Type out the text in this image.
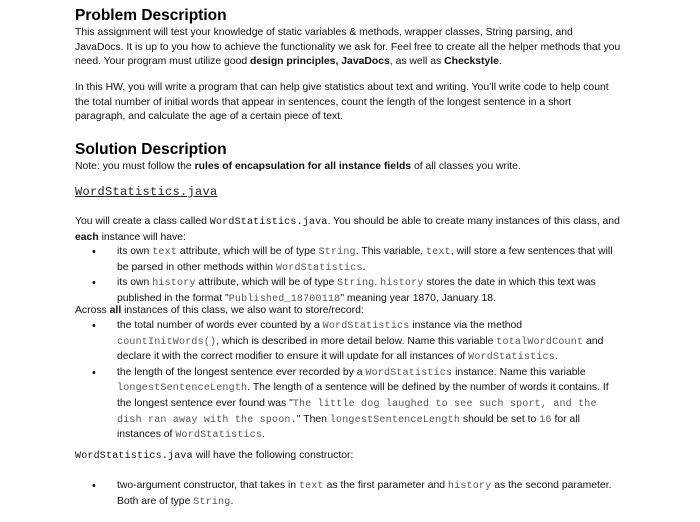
Problem Description

This assignment will test your knowledge of static variables & methods, wrapper classes, String parsing, and JavaDocs. It is up to you how to achieve the functionality we ask for. Feel free to create all the helper methods that you need. Your program must utilize good design principles, JavaDocs, as well as Checkstyle.

In this HW, you will write a program that can help give statistics about text and writing. You’ll write code to help count the total number of initial words that appear in sentences, count the length of the longest sentence in a short paragraph, and calculate the age of a certain piece of text.

Solution Description

Note: you must follow the rules of encapsulation for all instance fields of all classes you write.

WordStatistics.java

You will create a class called WordStatistics.java. You should be able to create many instances of this class, and each instance will have:

• its own text attribute, which will be of type String. This variable, text, will store a few sentences that will be parsed in other methods within WordStatistics.
• its own history attribute, which will be of type String. history stores the date in which this text was published in the format "Published_18700118" meaning year 1870, January 18.

Across all instances of this class, we also want to store/record:

• the total number of words ever counted by a WordStatistics instance via the method countInitWords(), which is described in more detail below. Name this variable totalWordCount and declare it with the correct modifier to ensure it will update for all instances of WordStatistics.
• the length of the longest sentence ever recorded by a WordStatistics instance. Name this variable longestSentenceLength. The length of a sentence will be defined by the number of words it contains. If the longest sentence ever found was "The little dog laughed to see such sport, and the dish ran away with the spoon." Then longestSentenceLength should be set to 16 for all instances of WordStatistics.

WordStatistics.java will have the following constructor:

• two-argument constructor, that takes in text as the first parameter and history as the second parameter. Both are of type String.
